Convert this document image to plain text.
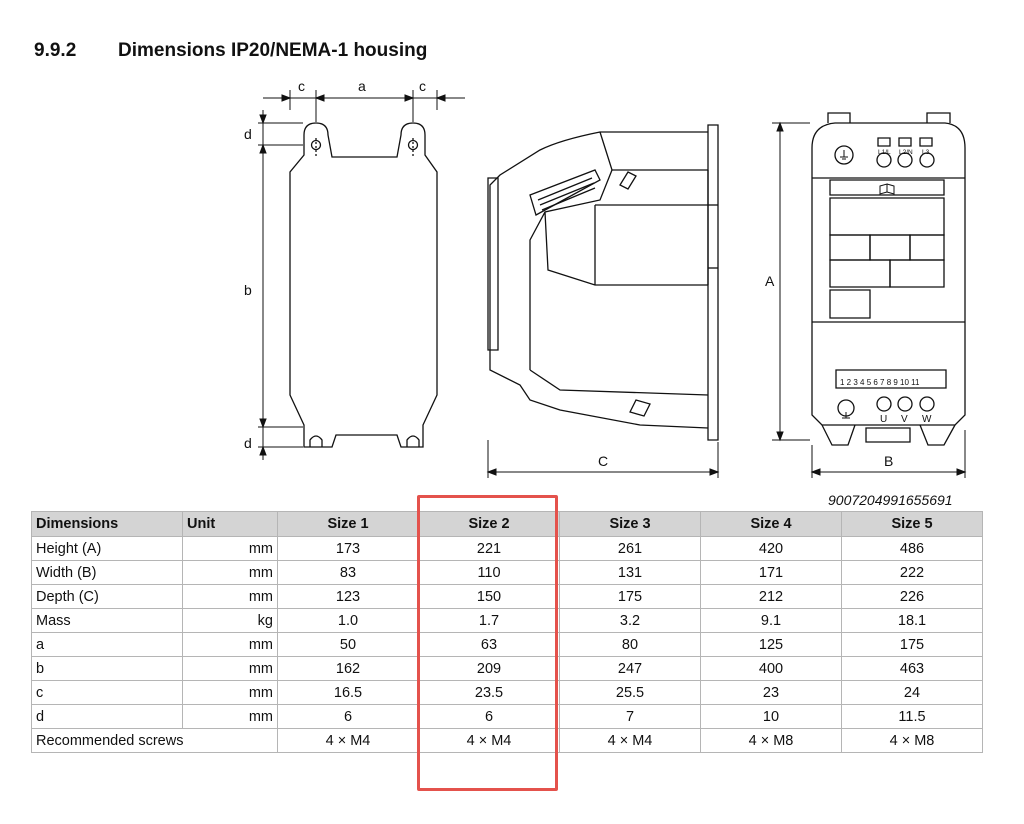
9.9.2 Dimensions IP20/NEMA-1 housing
c	a	c
d
b
d
C
A
B
L1/L L2/N L3
1 2 3 4 5 6 7 8 9 10 11
U V W
9007204991655691
Dimensions	Unit	Size 1	Size 2	Size 3	Size 4	Size 5
Height (A)	mm	173	221	261	420	486
Width (B)	mm	83	110	131	171	222
Depth (C)	mm	123	150	175	212	226
Mass	kg	1.0	1.7	3.2	9.1	18.1
a	mm	50	63	80	125	175
b	mm	162	209	247	400	463
c	mm	16.5	23.5	25.5	23	24
d	mm	6	6	7	10	11.5
Recommended screws		4 × M4	4 × M4	4 × M4	4 × M8	4 × M8
